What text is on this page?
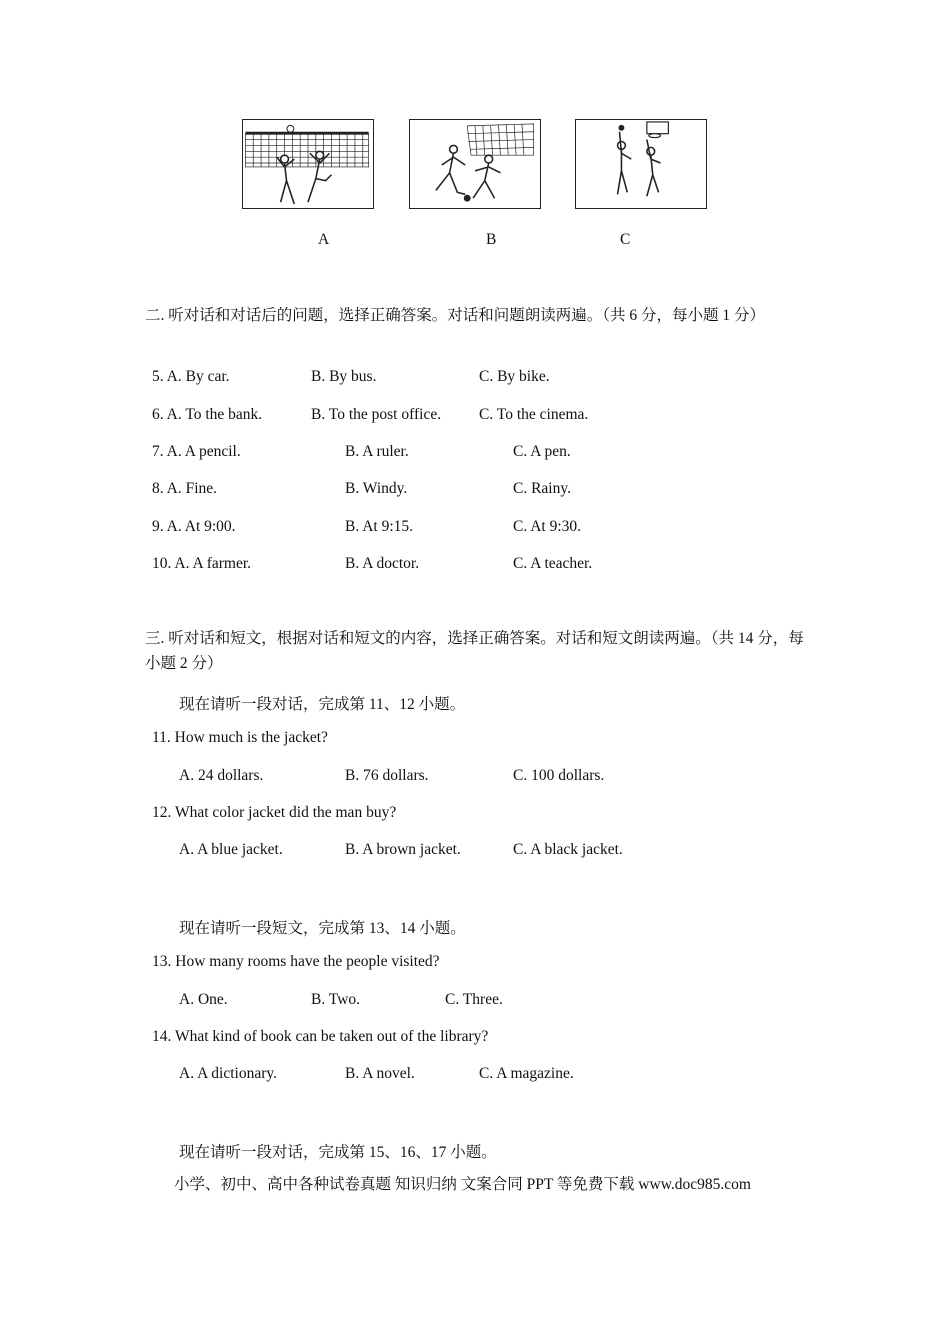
A	B	C
二. 听对话和对话后的问题，选择正确答案。对话和问题朗读两遍。（共 6 分，每小题 1 分）
5. A. By car.	B. By bus.	C. By bike.
6. A. To the bank.	B. To the post office. C. To the cinema.
7. A. A pencil.	B. A ruler.	C. A pen.
8. A. Fine.	B. Windy.	C. Rainy.
9. A. At 9:00.	B. At 9:15.	C. At 9:30.
10. A. A farmer.	B. A doctor.	C. A teacher.
三. 听对话和短文，根据对话和短文的内容，选择正确答案。对话和短文朗读两遍。（共 14 分，每小题 2 分）
现在请听一段对话，完成第 11、12 小题。
11. How much is the jacket?
A. 24 dollars.	B. 76 dollars.	C. 100 dollars.
12. What color jacket did the man buy?
A. A blue jacket.	B. A brown jacket.	C. A black jacket.
现在请听一段短文，完成第 13、14 小题。
13. How many rooms have the people visited?
A. One.	B. Two.	C. Three.
14. What kind of book can be taken out of the library?
A. A dictionary.	B. A novel.	C. A magazine.
现在请听一段对话，完成第 15、16、17 小题。
小学、初中、高中各种试卷真题 知识归纳 文案合同 PPT 等免费下载 www.doc985.com
